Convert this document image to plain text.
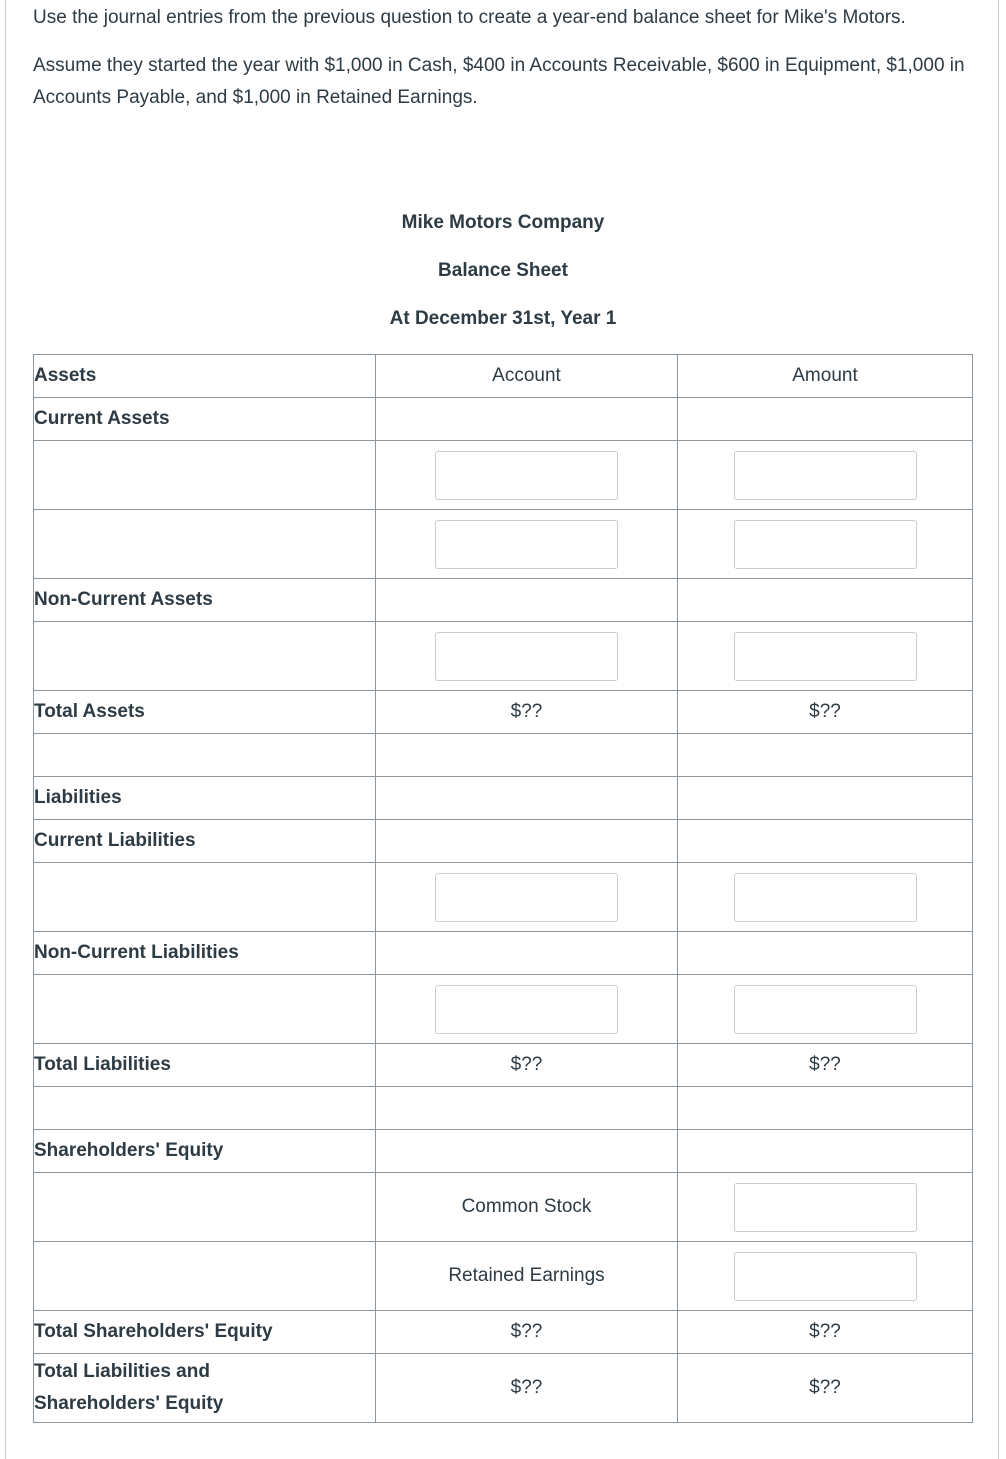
Use the journal entries from the previous question to create a year-end balance sheet for Mike's Motors.

Assume they started the year with $1,000 in Cash, $400 in Accounts Receivable, $600 in Equipment, $1,000 in Accounts Payable, and $1,000 in Retained Earnings.

Mike Motors Company
Balance Sheet
At December 31st, Year 1
Assets	Account	Amount
Current Assets		

Non-Current Assets		

Total Assets	$??	$??

Liabilities		
Current Liabilities		

Non-Current Liabilities		

Total Liabilities	$??	$??

Shareholders' Equity		
	Common Stock	

	Retained Earnings	

Total Shareholders' Equity	$??	$??

Total Liabilities and
Shareholders' Equity	$??	$??
